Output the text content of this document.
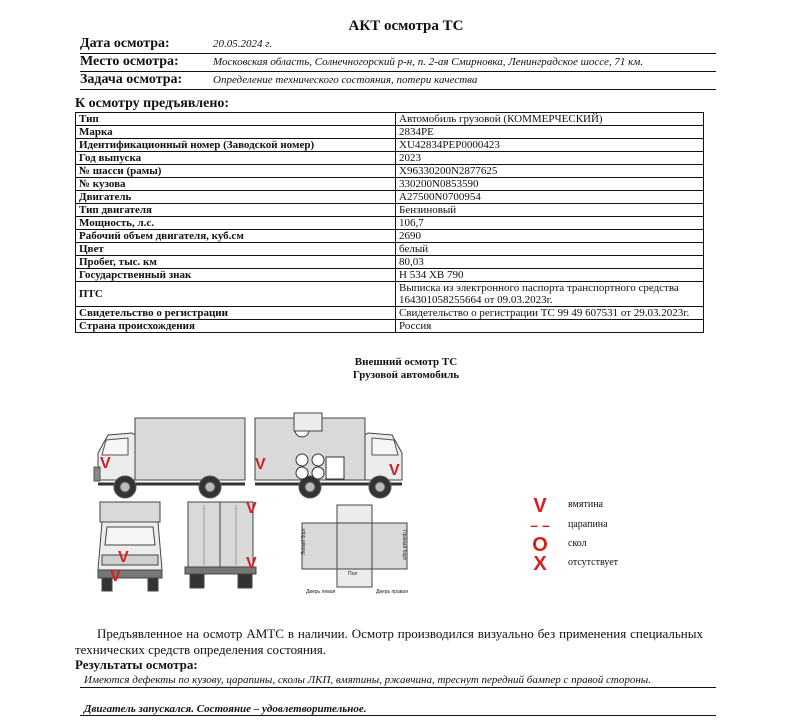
АКТ осмотра ТС
Дата осмотра:	20.05.2024 г.
Место осмотра:	Московская область, Солнечногорский р-н, п. 2-ая Смирновка, Ленинградское шоссе, 71 км.
Задача осмотра:	Определение технического состояния, потери качества
К осмотру предъявлено:
Тип	Автомобиль грузовой (КОММЕРЧЕСКИЙ)
Марка	2834PE
Идентификационный номер (Заводской номер)	XU42834PEP0000423
Год выпуска	2023
№ шасси (рамы)	X96330200N2877625
№ кузова	330200N0853590
Двигатель	A27500N0700954
Тип двигателя	Бензиновый
Мощность, л.с.	106,7
Рабочий объем двигателя, куб.см	2690
Цвет	белый
Пробег, тыс. км	80,03
Государственный знак	Н 534 ХВ 790
ПТС	Выписка из электронного паспорта транспортного средства 164301058255664 от 09.03.2023г.
Свидетельство о регистрации	Свидетельство о регистрации ТС 99 49 607531 от 29.03.2023г.
Страна происхождения	Россия
Внешний осмотр ТС
Грузовой автомобиль
Левый борт	Правый борт
Пол
Дверь левая	Дверь правая
V	V	V
V
V
V
V
V	вмятина
– – царапина
O скол
X	отсутствует
Предъявленное на осмотр АМТС в наличии. Осмотр производился визуально без применения специальных технических средств определения состояния.
Результаты осмотра:
Имеются дефекты по кузову, царапины, сколы ЛКП, вмятины, ржавчина, треснут передний бампер с правой стороны.
Двигатель запускался. Состояние – удовлетворительное.
